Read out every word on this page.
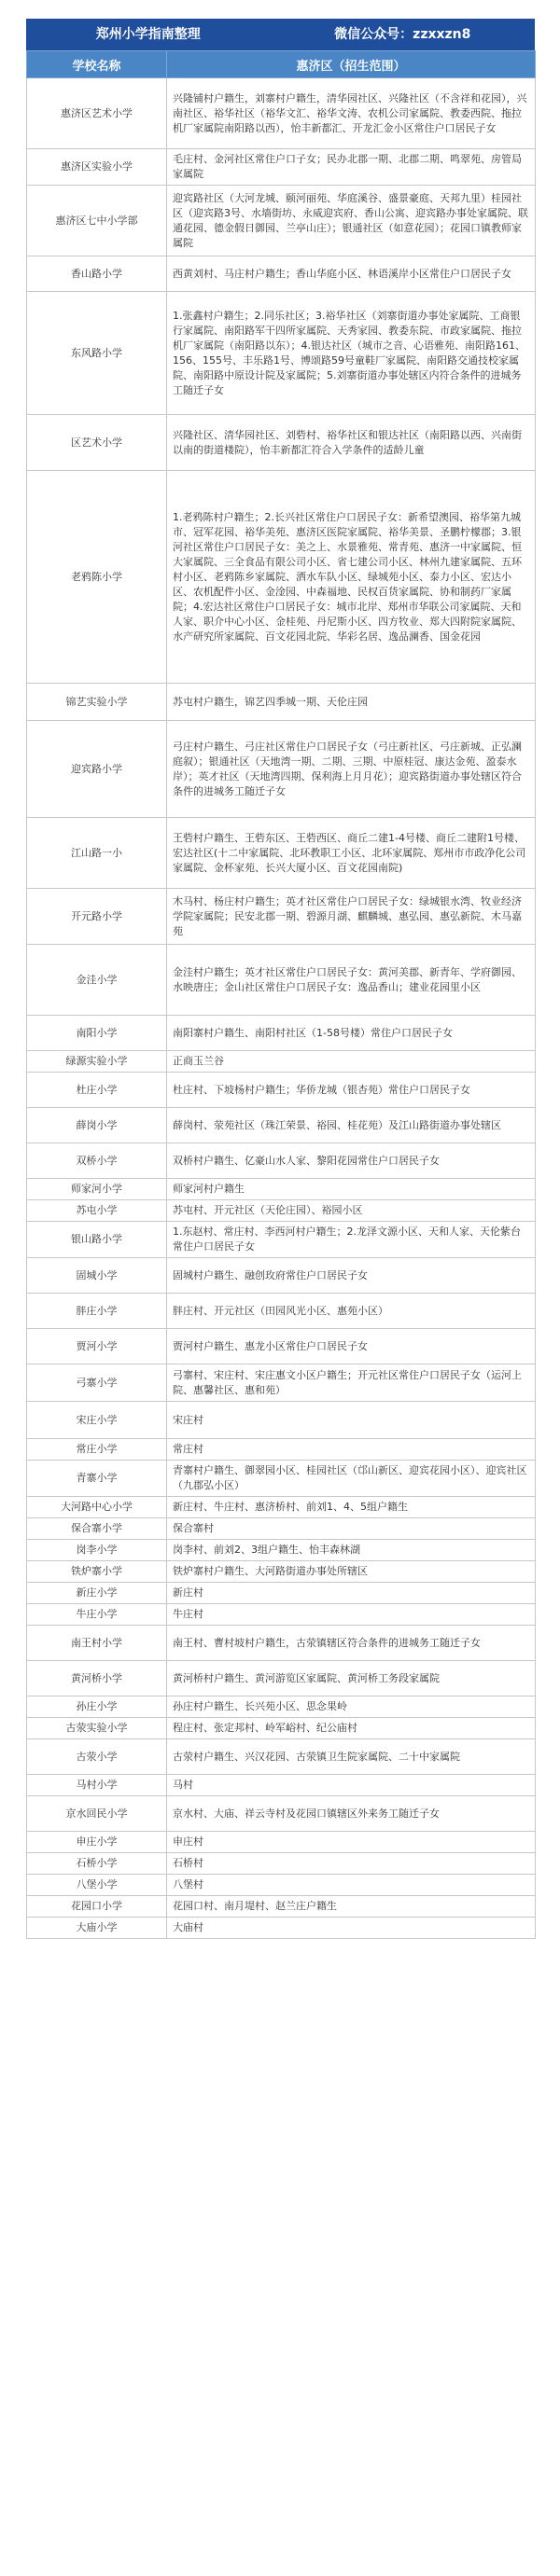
郑州小学指南整理	微信公众号：zzxxzn8
学校名称	惠济区（招生范围）
惠济区艺术小学	兴隆铺村户籍生，刘寨村户籍生，清华园社区、兴隆社区（不含祥和花园），兴南社区、裕华社区（裕华文汇、裕华文涛、农机公司家属院、教委西院、拖拉机厂家属院南阳路以西），怡丰新都汇、开龙汇金小区常住户口居民子女
惠济区实验小学	毛庄村、金河社区常住户口子女；民办北郡一期、北郡二期、鸣翠苑、房管局家属院
惠济区七中小学部	迎宾路社区（大河龙城、颐河丽苑、华庭溪谷、盛景豪庭、天邦九里）桂园社区（迎宾路3号、水墙街坊、永威迎宾府、香山公寓、迎宾路办事处家属院、联通花园、德金假日御园、兰亭山庄）；银通社区（如意花园）；花园口镇教师家属院
香山路小学	西黄刘村、马庄村户籍生；香山华庭小区、林语溪岸小区常住户口居民子女
东风路小学	1.张鑫村户籍生；2.同乐社区；3.裕华社区（刘寨街道办事处家属院、工商银行家属院、南阳路军干四所家属院、天秀家园、教委东院、市政家属院、拖拉机厂家属院（南阳路以东）；4.银达社区（城市之音、心语雅苑、南阳路161、156、155号、丰乐路1号、博颂路59号童鞋厂家属院、南阳路交通技校家属院、南阳路中原设计院及家属院；5.刘寨街道办事处辖区内符合条件的进城务工随迁子女
区艺术小学	兴隆社区、清华园社区、刘砦村、裕华社区和银达社区（南阳路以西、兴南街以南的街道楼院），怡丰新都汇符合入学条件的适龄儿童
老鸦陈小学	1.老鸦陈村户籍生；2.长兴社区常住户口居民子女：新希望澳园、裕华第九城市、冠军花园、裕华美苑、惠济区医院家属院、裕华美景、圣鹏柠檬郡；3.银河社区常住户口居民子女：美之上、水景雅苑、常青苑、惠济一中家属院、恒大家属院、三全食品有限公司小区、省七建公司小区、林州九建家属院、五环村小区、老鸦陈乡家属院、洒水车队小区、绿城苑小区、泰力小区、宏达小区、农机配件小区、金淦园、中森福地、民权百货家属院、协和制药厂家属院；4.宏达社区常住户口居民子女：城市北岸、郑州市华联公司家属院、天和人家、职介中心小区、金桂苑、丹尼斯小区、四方牧业、郑大四附院家属院、水产研究所家属院、百文花园北院、华彩名居、逸品澜香、国金花园
锦艺实验小学	苏屯村户籍生，锦艺四季城一期、天伦庄园
迎宾路小学	弓庄村户籍生、弓庄社区常住户口居民子女（弓庄新社区、弓庄新城、正弘澜庭叙）；银通社区（天地湾一期、二期、三期、中原桂冠、康达金苑、盈泰水岸）；英才社区（天地湾四期、保利海上月月花）；迎宾路街道办事处辖区符合条件的进城务工随迁子女
江山路一小	王砦村户籍生、王砦东区、王砦西区、商丘二建1-4号楼、商丘二建附1号楼、宏达社区(十二中家属院、北环教职工小区、北环家属院、郑州市市政净化公司家属院、金杯家苑、长兴大厦小区、百文花园南院)
开元路小学	木马村、杨庄村户籍生；英才社区常住户口居民子女：绿城银水湾、牧业经济学院家属院；民安北郡一期、碧源月湖、麒麟城、惠弘园、惠弘新院、木马嘉苑
金洼小学	金洼村户籍生；英才社区常住户口居民子女：黄河美郡、新青年、学府御园、水映唐庄；金山社区常住户口居民子女：逸品香山；建业花园里小区
南阳小学	南阳寨村户籍生、南阳村社区（1-58号楼）常住户口居民子女
绿源实验小学	正商玉兰谷
杜庄小学	杜庄村、下坡杨村户籍生；华侨龙城（银杏苑）常住户口居民子女
薛岗小学	薛岗村、荥苑社区（珠江荣景、裕园、桂花苑）及江山路街道办事处辖区
双桥小学	双桥村户籍生、亿豪山水人家、黎阳花园常住户口居民子女
师家河小学	师家河村户籍生
苏屯小学	苏屯村、开元社区（天伦庄园）、裕园小区
银山路小学	1.东赵村、常庄村、李西河村户籍生；2.龙泽文源小区、天和人家、天伦紫台常住户口居民子女
固城小学	固城村户籍生、融创玫府常住户口居民子女
胖庄小学	胖庄村、开元社区（田园风光小区、惠苑小区）
贾河小学	贾河村户籍生、惠龙小区常住户口居民子女
弓寨小学	弓寨村、宋庄村、宋庄惠文小区户籍生；开元社区常住户口居民子女（运河上院、惠馨社区、惠和苑）
宋庄小学	宋庄村
常庄小学	常庄村
青寨小学	青寨村户籍生、御翠园小区、桂园社区（邙山新区、迎宾花园小区）、迎宾社区（九郡弘小区）
大河路中心小学	新庄村、牛庄村、惠济桥村、前刘1、4、5组户籍生
保合寨小学	保合寨村
岗李小学	岗李村、前刘2、3组户籍生、怡丰森林湖
铁炉寨小学	铁炉寨村户籍生、大河路街道办事处所辖区
新庄小学	新庄村
牛庄小学	牛庄村
南王村小学	南王村、曹村坡村户籍生，古荥镇辖区符合条件的进城务工随迁子女
黄河桥小学	黄河桥村户籍生、黄河游览区家属院、黄河桥工务段家属院
孙庄小学	孙庄村户籍生、长兴苑小区、思念果岭
古荥实验小学	程庄村、张定邦村、岭军峪村、纪公庙村
古荥小学	古荥村户籍生、兴汉花园、古荥镇卫生院家属院、二十中家属院
马村小学	马村
京水回民小学	京水村、大庙、祥云寺村及花园口镇辖区外来务工随迁子女
申庄小学	申庄村
石桥小学	石桥村
八堡小学	八堡村
花园口小学	花园口村、南月堤村、赵兰庄户籍生
大庙小学	大庙村
